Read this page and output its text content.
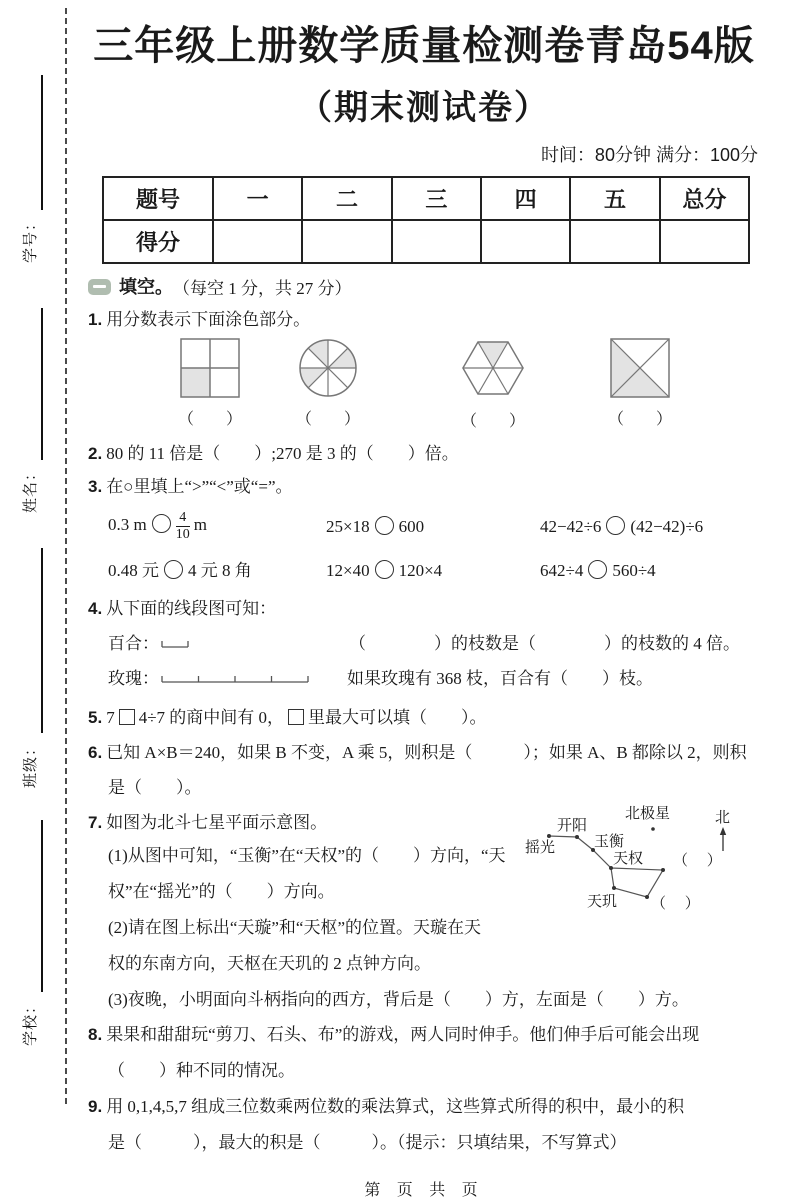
学号：
姓名：
班级：
学校：
三年级上册数学质量检测卷青岛54版
（期末测试卷）
时间：80分钟 满分：100分
题号	一	二	三	四	五	总分
得分						
填空。 （每空 1 分，共 27 分）
1. 用分数表示下面涂色部分。
（　　）	（　　）	（　　）	（　　）
2. 80 的 11 倍是（　　）;270 是 3 的（　　）倍。
3. 在○里填上“>”“<”或“=”。
0.3 m $\frac{4}{10}$ m	25×18 600	42−42÷6 (42−42)÷6
0.48 元 4 元 8 角	12×40 120×4	642÷4 560÷4
4. 从下面的线段图可知：
百合：	（　　　　）的枝数是（　　　　）的枝数的 4 倍。
玫瑰：	如果玫瑰有 368 枝，百合有（　　）枝。
5. 7 4÷7 的商中间有 0， 里最大可以填（　　）。
6. 已知 A×B＝240，如果 B 不变，A 乘 5，则积是（　　　）；如果 A、B 都除以 2，则积
是（　　）。
北极星	北
摇光
开阳
玉衡
天权
天玑
（　 ）
（　 ）
7. 如图为北斗七星平面示意图。
(1)从图中可知，“玉衡”在“天权”的（　　）方向，“天
权”在“摇光”的（　　）方向。
(2)请在图上标出“天璇”和“天枢”的位置。天璇在天
权的东南方向，天枢在天玑的 2 点钟方向。
(3)夜晚，小明面向斗柄指向的西方，背后是（　　）方，左面是（　　）方。
8. 果果和甜甜玩“剪刀、石头、布”的游戏，两人同时伸手。他们伸手后可能会出现
（　　）种不同的情况。
9. 用 0,1,4,5,7 组成三位数乘两位数的乘法算式，这些算式所得的积中，最小的积
是（　　　），最大的积是（　　　）。（提示：只填结果，不写算式）
第 页 共 页
